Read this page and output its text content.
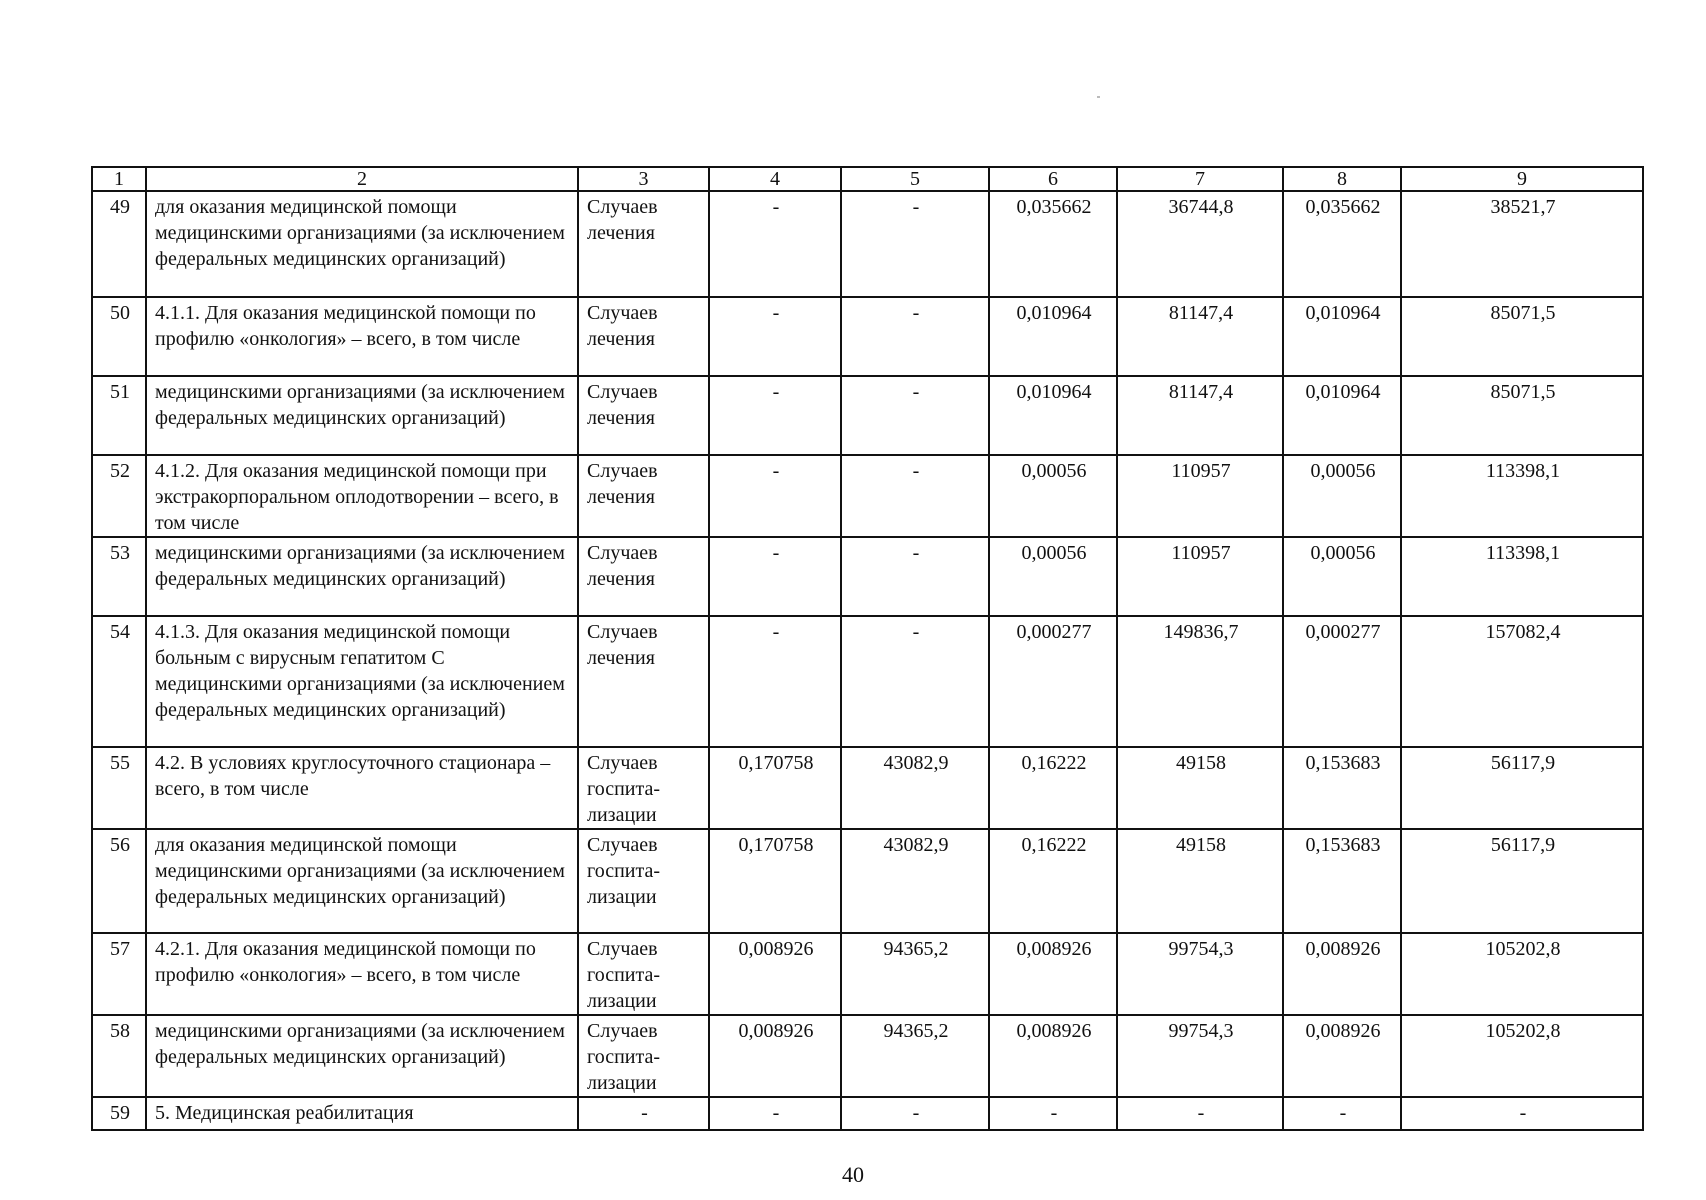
1	2	3	4	5	6	7	8	9
49	для оказания медицинской помощи медицинскими организациями (за исключением федеральных медицинских организаций)	Случаев лечения	-	-	0,035662	36744,8	0,035662	38521,7
50	4.1.1. Для оказания медицинской помощи по профилю «онкология» – всего, в том числе	Случаев лечения	-	-	0,010964	81147,4	0,010964	85071,5
51	медицинскими организациями (за исключением федеральных медицинских организаций)	Случаев лечения	-	-	0,010964	81147,4	0,010964	85071,5
52	4.1.2. Для оказания медицинской помощи при экстракорпоральном оплодотворении – всего, в том числе	Случаев лечения	-	-	0,00056	110957	0,00056	113398,1
53	медицинскими организациями (за исключением федеральных медицинских организаций)	Случаев лечения	-	-	0,00056	110957	0,00056	113398,1
54	4.1.3. Для оказания медицинской помощи больным с вирусным гепатитом С медицинскими организациями (за исключением федеральных медицинских организаций)	Случаев лечения	-	-	0,000277	149836,7	0,000277	157082,4
55	4.2. В условиях круглосуточного стационара – всего, в том числе	Случаев госпита-лизации	0,170758	43082,9	0,16222	49158	0,153683	56117,9
56	для оказания медицинской помощи медицинскими организациями (за исключением федеральных медицинских организаций)	Случаев госпита-лизации	0,170758	43082,9	0,16222	49158	0,153683	56117,9
57	4.2.1. Для оказания медицинской помощи по профилю «онкология» – всего, в том числе	Случаев госпита-лизации	0,008926	94365,2	0,008926	99754,3	0,008926	105202,8
58	медицинскими организациями (за исключением федеральных медицинских организаций)	Случаев госпита-лизации	0,008926	94365,2	0,008926	99754,3	0,008926	105202,8
59	5. Медицинская реабилитация	-	-	-	-	-	-	-
40
